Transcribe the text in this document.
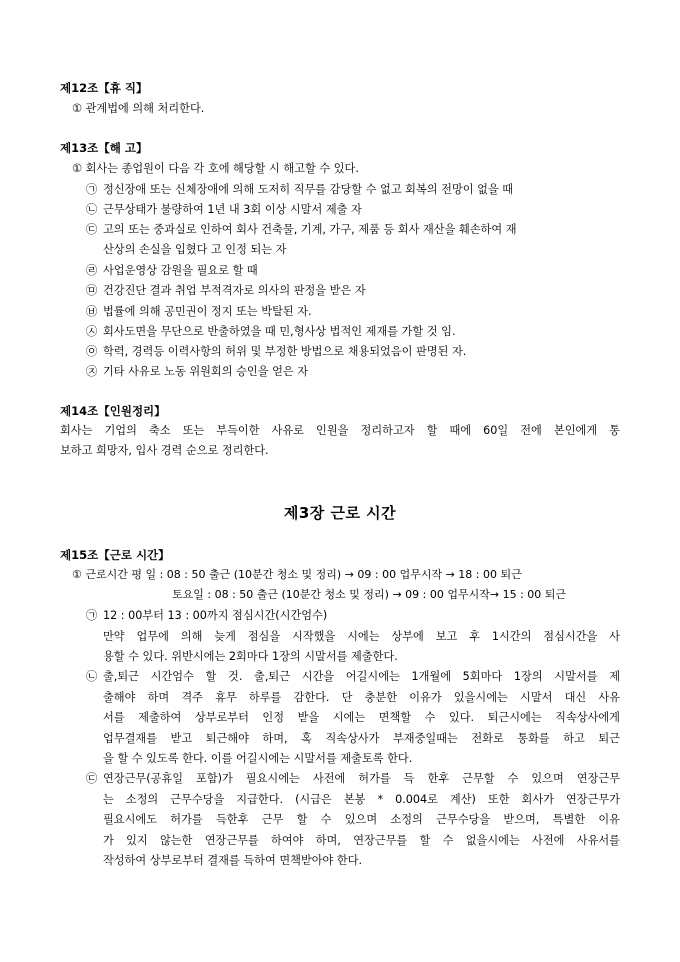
제12조【휴 직】
① 관계법에 의해 처리한다.
제13조【해 고】
① 회사는 종업원이 다음 각 호에 해당할 시 해고할 수 있다.
㉠ 정신장애 또는 신체장애에 의해 도저히 직무를 감당할 수 없고 회복의 전망이 없을 때
㉡ 근무상태가 불량하여 1년 내 3회 이상 시말서 제출 자
㉢ 고의 또는 중과실로 인하여 회사 건축물, 기계, 가구, 제품 등 회사 재산을 훼손하여 재
산상의 손실을 입혔다 고 인정 되는 자
㉣ 사업운영상 감원을 필요로 할 때
㉤ 건강진단 결과 취업 부적격자로 의사의 판정을 받은 자
㉥ 법률에 의해 공민권이 정지 또는 박탈된 자.
㉦ 회사도면을 무단으로 반출하였을 때 민,형사상 법적인 제재를 가할 것 임.
㉧ 학력, 경력등 이력사항의 허위 및 부정한 방법으로 채용되었음이 판명된 자.
㉨ 기타 사유로 노동 위원회의 승인을 얻은 자
제14조【인원정리】
회사는 기업의 축소 또는 부득이한 사유로 인원을 정리하고자 할 때에 60일 전에 본인에게 통
보하고 희망자, 입사 경력 순으로 정리한다.
제3장 근로 시간
제15조【근로 시간】
① 근로시간 평 일 : 08 : 50 출근 (10분간 청소 및 정리) → 09 : 00 업무시작 → 18 : 00 퇴근
토요일 : 08 : 50 출근 (10분간 청소 및 정리) → 09 : 00 업무시작→ 15 : 00 퇴근
㉠ 12 : 00부터 13 : 00까지 점심시간(시간엄수)
만약 업무에 의해 늦게 점심을 시작했을 시에는 상부에 보고 후 1시간의 점심시간을 사
용할 수 있다. 위반시에는 2회마다 1장의 시말서를 제출한다.
㉡ 출,퇴근 시간엄수 할 것. 출,퇴근 시간을 어길시에는 1개월에 5회마다 1장의 시말서를 제
출해야 하며 격주 휴무 하루를 감한다. 단 충분한 이유가 있을시에는 시말서 대신 사유
서를 제출하여 상부로부터 인정 받을 시에는 면책할 수 있다. 퇴근시에는 직속상사에게
업무결재를 받고 퇴근해야 하며, 혹 직속상사가 부재중일때는 전화로 통화를 하고 퇴근
을 할 수 있도록 한다. 이를 어길시에는 시말서를 제출토록 한다.
㉢ 연장근무(공휴일 포함)가 필요시에는 사전에 허가를 득 한후 근무할 수 있으며 연장근무
는 소정의 근무수당을 지급한다. (시급은 본봉 * 0.004로 계산) 또한 회사가 연장근무가
필요시에도 허가를 득한후 근무 할 수 있으며 소정의 근무수당을 받으며, 특별한 이유
가 있지 않는한 연장근무를 하여야 하며, 연장근무를 할 수 없을시에는 사전에 사유서를
작성하여 상부로부터 결재를 득하여 면책받아야 한다.
